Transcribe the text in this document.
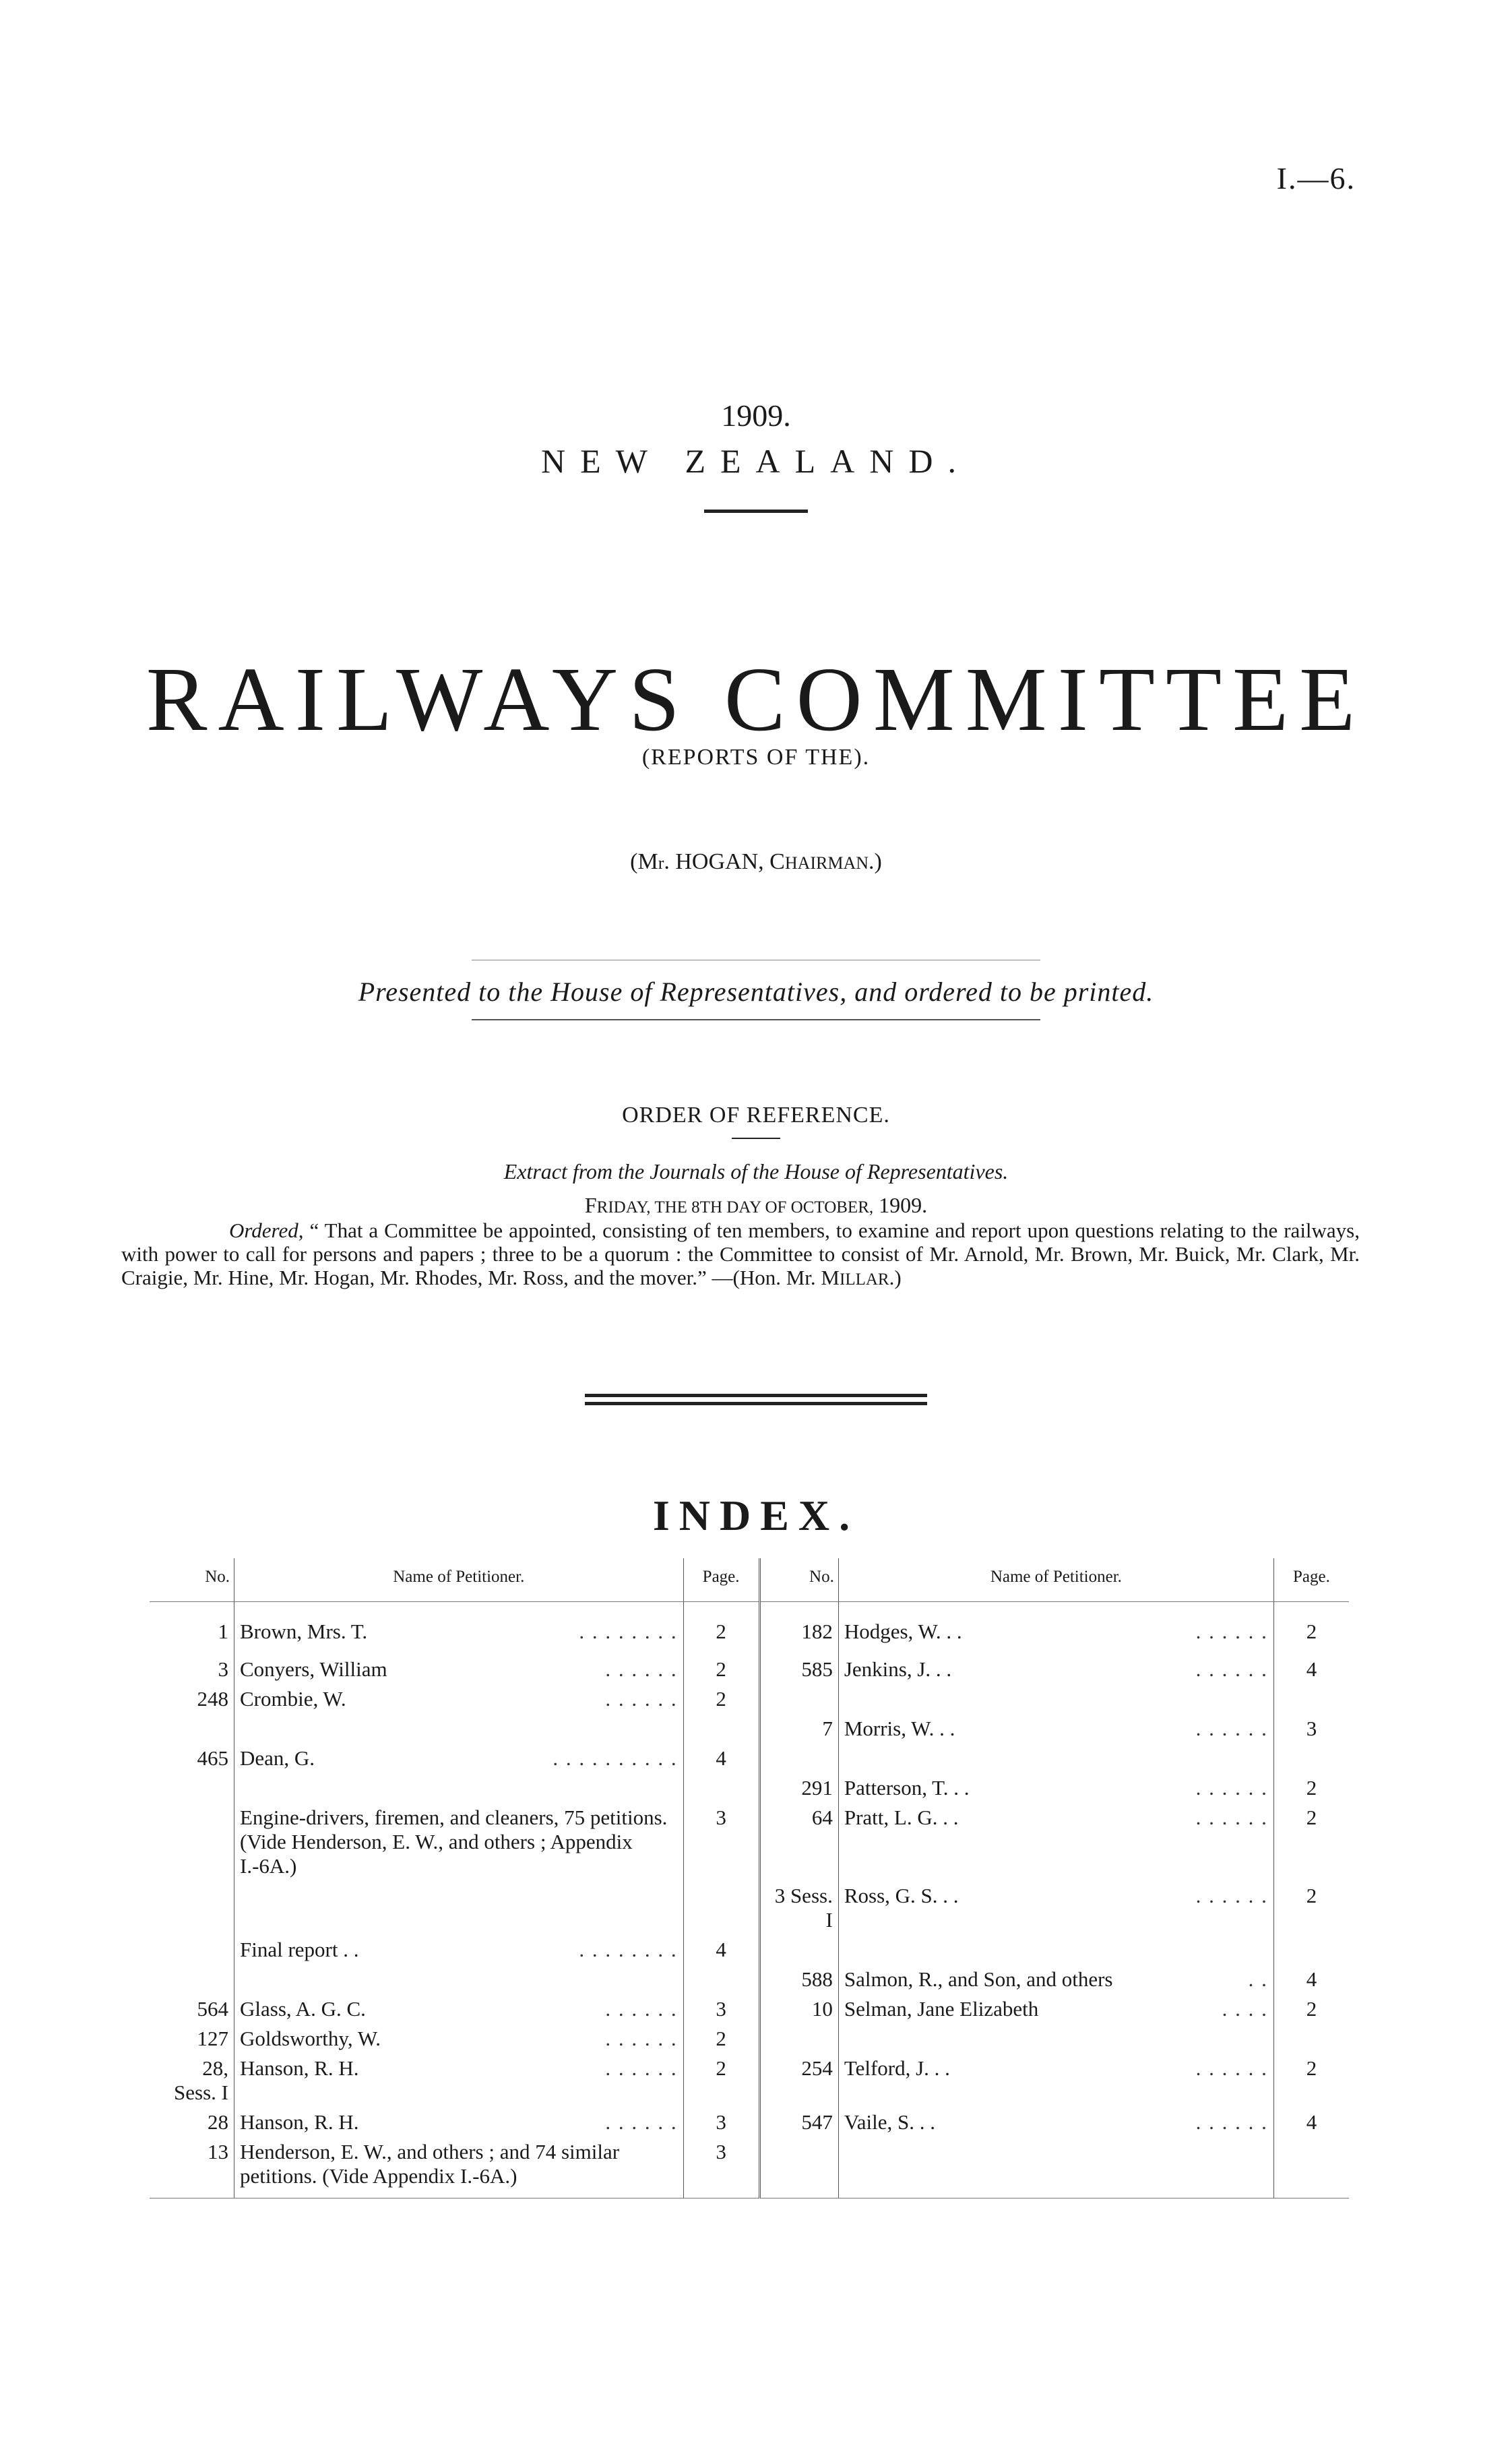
I.—6.
1909.
NEW ZEALAND.
RAILWAYS COMMITTEE
(REPORTS OF THE).
(Mr. HOGAN, CHAIRMAN.)
Presented to the House of Representatives, and ordered to be printed.
ORDER OF REFERENCE.
Extract from the Journals of the House of Representatives.
FRIDAY, THE 8TH DAY OF OCTOBER, 1909.
Ordered, “ That a Committee be appointed, consisting of ten members, to examine and report upon questions relating to the railways, with power to call for persons and papers ; three to be a quorum : the Committee to consist of Mr. Arnold, Mr. Brown, Mr. Buick, Mr. Clark, Mr. Craigie, Mr. Hine, Mr. Hogan, Mr. Rhodes, Mr. Ross, and the mover.” —(Hon. Mr. MILLAR.)
INDEX.
No.	Name of Petitioner.	Page.	No.	Name of Petitioner.	Page.
1	Brown, Mrs. T. . . . . . . . .	2	182	Hodges, W. . . . . . . . .	2
3	Conyers, William . . . . . .	2	585	Jenkins, J. . . . . . . . .	4
248	Crombie, W. . . . . . .	2		

		7	Morris, W. . . . . . . . .	3
465	Dean, G. . . . . . . . . . .	4		

		291	Patterson, T. . . . . . . . .	2
	Engine-drivers, firemen, and cleaners, 75 petitions. (Vide Henderson, E. W., and others ; Appendix I.-6A.)	3	64	Pratt, L. G. . . . . . . . .	2

		3 Sess. I	Ross, G. S. . . . . . . . .	2
	Final report . . . . . . . . . .	4		

		588	Salmon, R., and Son, and others . .	4
564	Glass, A. G. C. . . . . . .	3	10	Selman, Jane Elizabeth . . . .	2
127	Goldsworthy, W. . . . . . .	2		

28, Sess. I	Hanson, R. H. . . . . . .	2	254	Telford, J. . . . . . . . .	2
28	Hanson, R. H. . . . . . .	3	547	Vaile, S. . . . . . . . .	4
13	Henderson, E. W., and others ; and 74 similar petitions. (Vide Appendix I.-6A.)	3		
